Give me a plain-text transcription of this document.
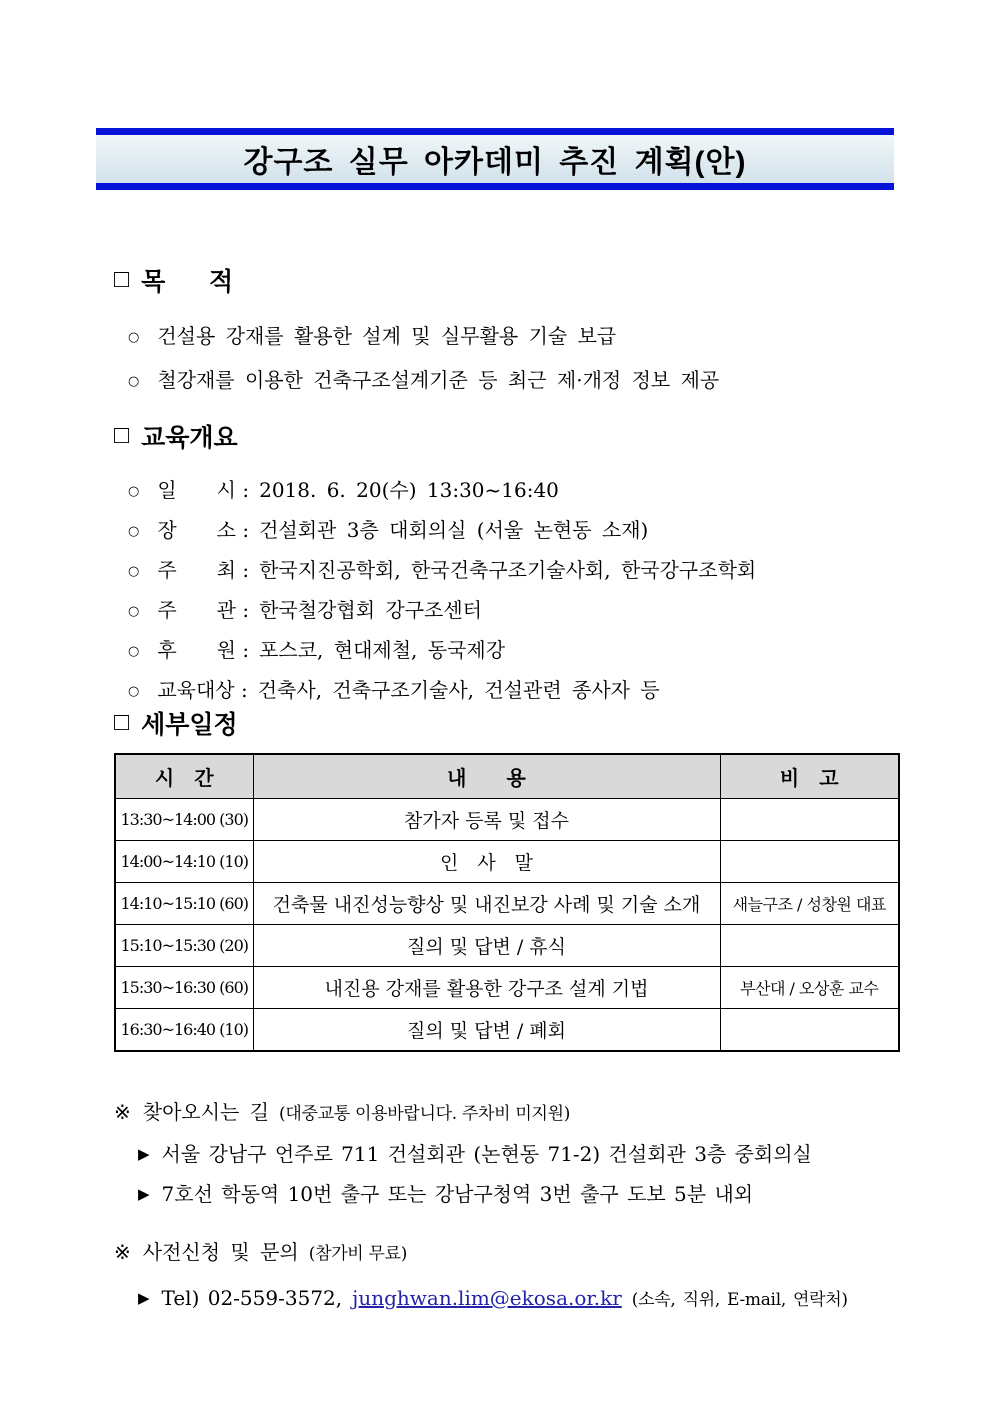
강구조 실무 아카데미 추진 계획(안)
□ 목    적
○ 건설용 강재를 활용한 설계 및 실무활용 기술 보급
○ 철강재를 이용한 건축구조설계기준 등 최근 제·개정 정보 제공
□ 교육개요
○ 일　　시 : 2018. 6. 20(수) 13:30~16:40
○ 장　　소 : 건설회관 3층 대회의실 (서울 논현동 소재)
○ 주　　최 : 한국지진공학회, 한국건축구조기술사회, 한국강구조학회
○ 주　　관 : 한국철강협회 강구조센터
○ 후　　원 : 포스코, 현대제철, 동국제강
○ 교육대상 : 건축사, 건축구조기술사, 건설관련 종사자 등
□ 세부일정
시　간	내　　용	비　고
13:30~14:00 (30)	참가자 등록 및 접수	
14:00~14:10 (10)	인　사　말	
14:10~15:10 (60)	건축물 내진성능향상 및 내진보강 사례 및 기술 소개	새늘구조 / 성창원 대표
15:10~15:30 (20)	질의 및 답변 / 휴식	
15:30~16:30 (60)	내진용 강재를 활용한 강구조 설계 기법	부산대 / 오상훈 교수
16:30~16:40 (10)	질의 및 답변 / 폐회	
※ 찾아오시는 길 (대중교통 이용바랍니다. 주차비 미지원)
▶ 서울 강남구 언주로 711 건설회관 (논현동 71-2) 건설회관 3층 중회의실
▶ 7호선 학동역 10번 출구 또는 강남구청역 3번 출구 도보 5분 내외
※ 사전신청 및 문의 (참가비 무료)
▶ Tel) 02-559-3572, junghwan.lim@ekosa.or.kr (소속, 직위, E-mail, 연락처)
